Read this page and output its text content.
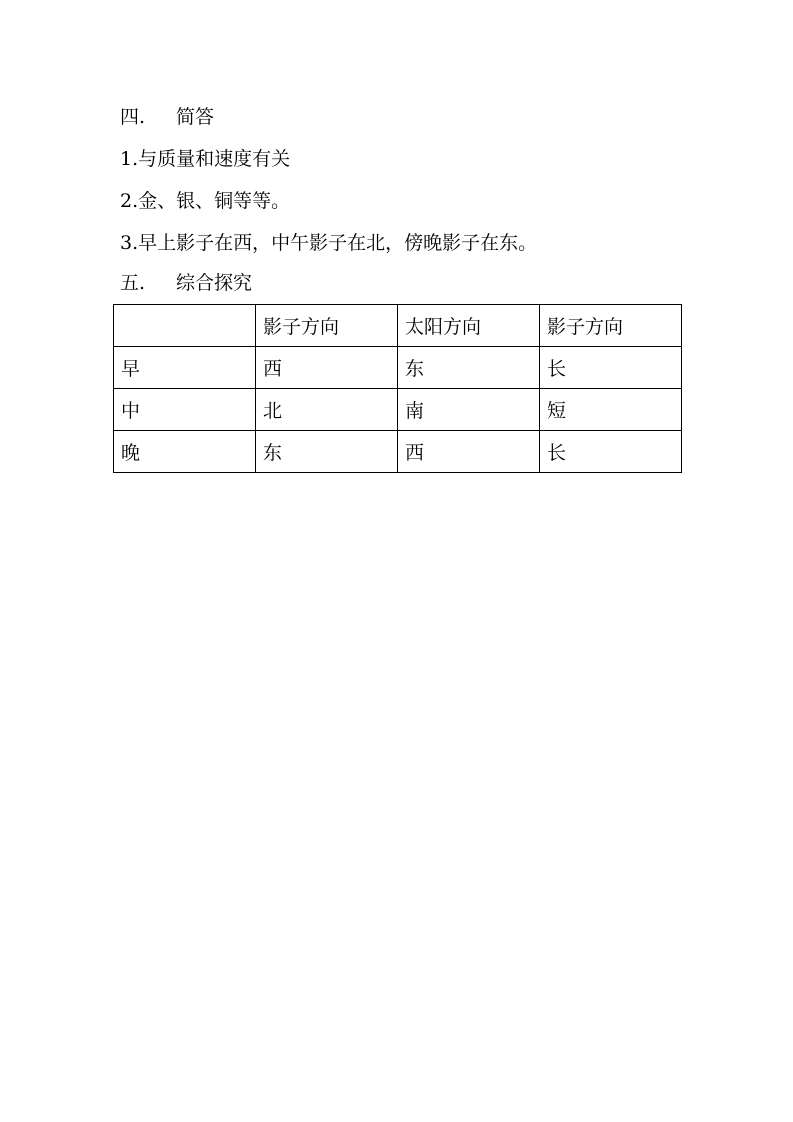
四. 简答
1.与质量和速度有关
2.金、银、铜等等。
3.早上影子在西，中午影子在北，傍晚影子在东。
五. 综合探究
	影子方向	太阳方向	影子方向
早	西	东	长
中	北	南	短
晚	东	西	长
